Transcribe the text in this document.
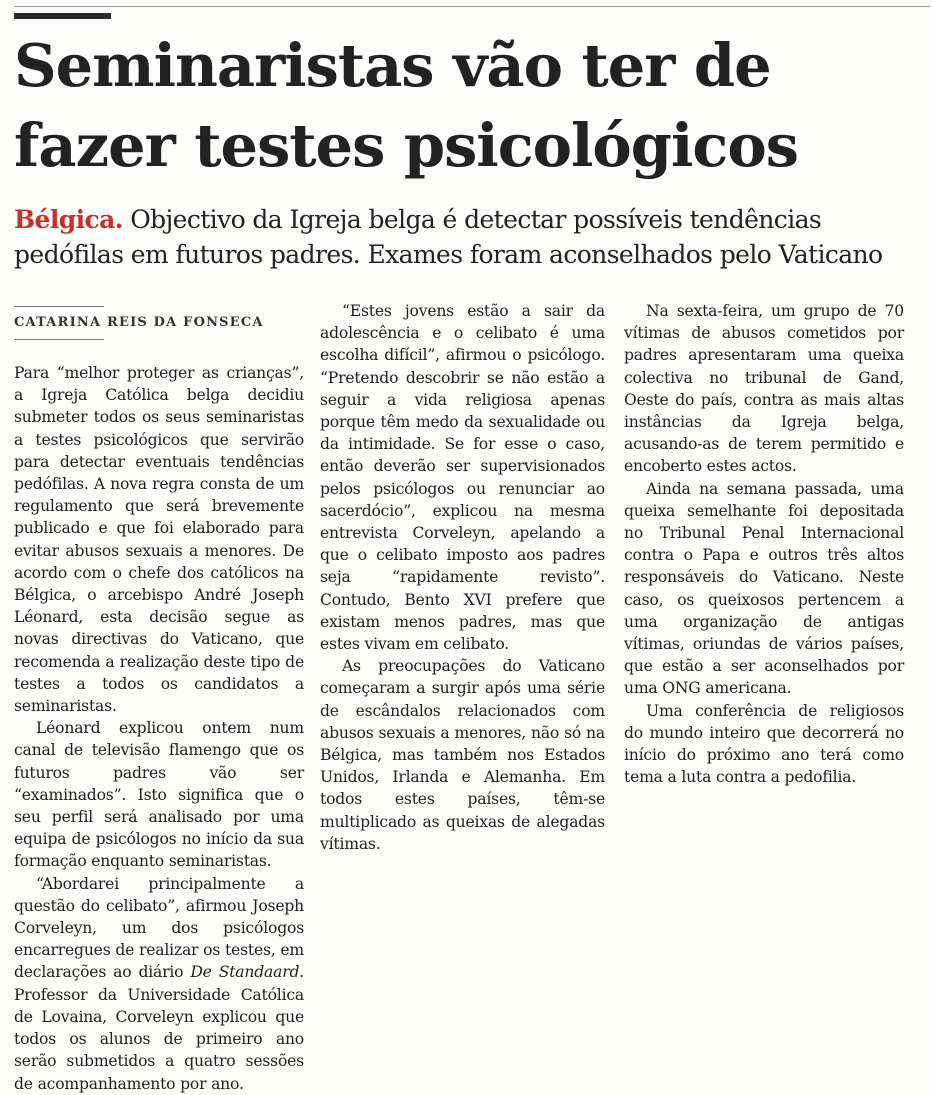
Seminaristas vão ter de fazer testes psicológicos

Bélgica. Objectivo da Igreja belga é detectar possíveis tendências pedófilas em futuros padres. Exames foram aconselhados pelo Vaticano

CATARINA REIS DA FONSECA

Para “melhor proteger as crianças”, a Igreja Católica belga decidiu submeter todos os seus seminaristas a testes psicológicos que servirão para detectar eventuais tendências pedófilas. A nova regra consta de um regulamento que será brevemente publicado e que foi elaborado para evitar abusos sexuais a menores. De acordo com o chefe dos católicos na Bélgica, o arcebispo André Joseph Léonard, esta decisão segue as novas directivas do Vaticano, que recomenda a realização deste tipo de testes a todos os candidatos a seminaristas.

Léonard explicou ontem num canal de televisão flamengo que os futuros padres vão ser “examinados”. Isto significa que o seu perfil será analisado por uma equipa de psicólogos no início da sua formação enquanto seminaristas.

“Abordarei principalmente a questão do celibato”, afirmou Joseph Corveleyn, um dos psicólogos encarregues de realizar os testes, em declarações ao diário De Standaard. Professor da Universidade Católica de Lovaina, Corveleyn explicou que todos os alunos de primeiro ano serão submetidos a quatro sessões de acompanhamento por ano.

“Estes jovens estão a sair da adolescência e o celibato é uma escolha difícil”, afirmou o psicólogo. “Pretendo descobrir se não estão a seguir a vida religiosa apenas porque têm medo da sexualidade ou da intimidade. Se for esse o caso, então deverão ser supervisionados pelos psicólogos ou renunciar ao sacerdócio”, explicou na mesma entrevista Corveleyn, apelando a que o celibato imposto aos padres seja “rapidamente revisto”. Contudo, Bento XVI prefere que existam menos padres, mas que estes vivam em celibato.

As preocupações do Vaticano começaram a surgir após uma série de escândalos relacionados com abusos sexuais a menores, não só na Bélgica, mas também nos Estados Unidos, Irlanda e Alemanha. Em todos estes países, têm-se multiplicado as queixas de alegadas vítimas.

Na sexta-feira, um grupo de 70 vítimas de abusos cometidos por padres apresentaram uma queixa colectiva no tribunal de Gand, Oeste do país, contra as mais altas instâncias da Igreja belga, acusando-as de terem permitido e encoberto estes actos.

Ainda na semana passada, uma queixa semelhante foi depositada no Tribunal Penal Internacional contra o Papa e outros três altos responsáveis do Vaticano. Neste caso, os queixosos pertencem a uma organização de antigas vítimas, oriundas de vários países, que estão a ser aconselhados por uma ONG americana.

Uma conferência de religiosos do mundo inteiro que decorrerá no início do próximo ano terá como tema a luta contra a pedofilia.
